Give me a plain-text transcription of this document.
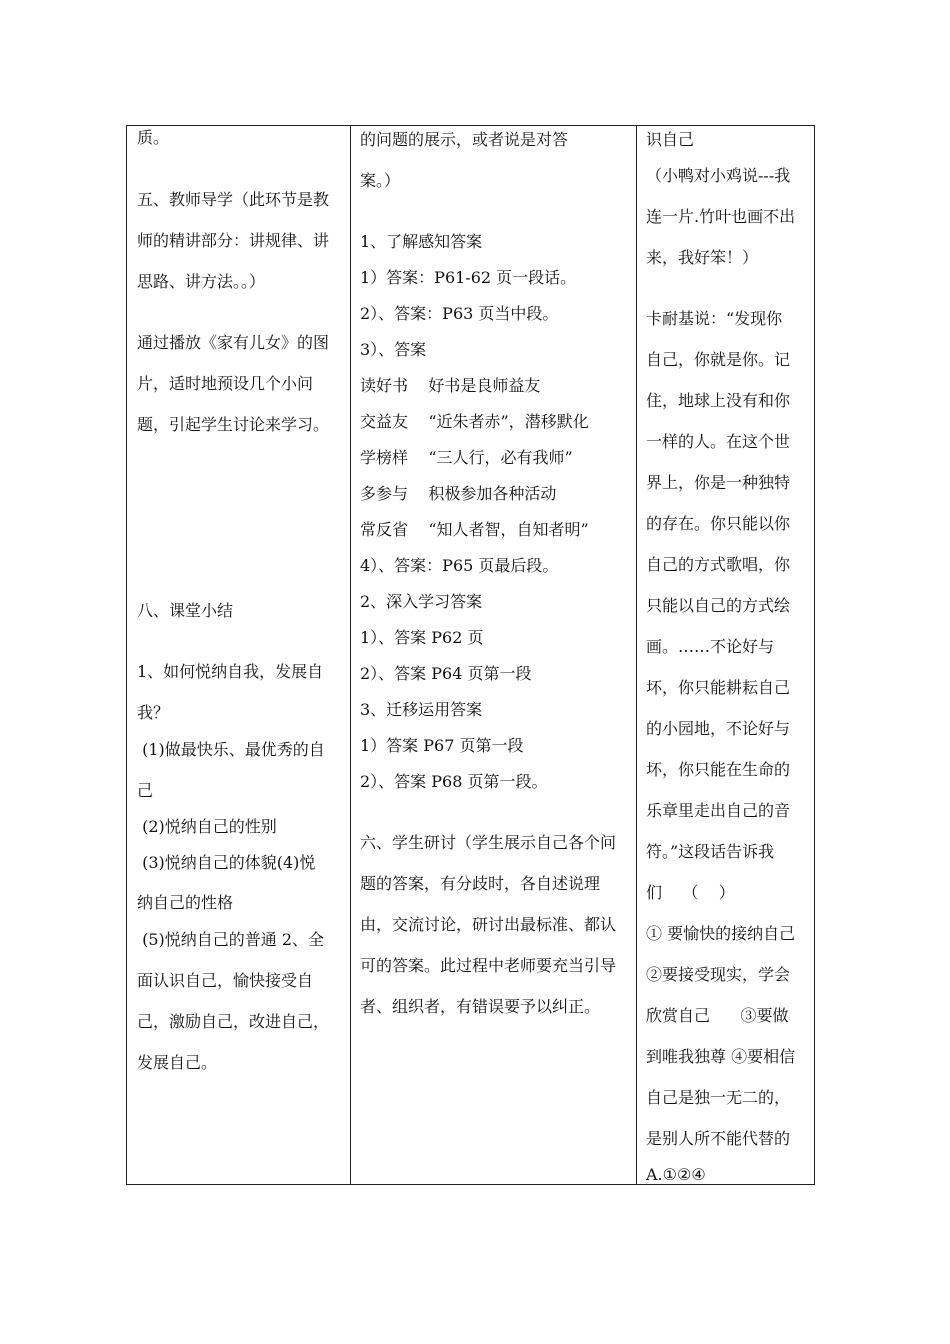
质。

五、教师导学（此环节是教

师的精讲部分：讲规律、讲

思路、讲方法。。）

通过播放《家有儿女》的图

片，适时地预设几个小问

题，引起学生讨论来学习。

八、课堂小结

1、如何悦纳自我，发展自

我？

(1)做最快乐、最优秀的自

己

(2)悦纳自己的性别

(3)悦纳自己的体貌(4)悦

纳自己的性格

(5)悦纳自己的普通 2、全

面认识自己，愉快接受自

己，激励自己，改进自己，

发展自己。

的问题的展示，或者说是对答

案。）

1、了解感知答案

1）答案：P61-62 页一段话。

2）、答案：P63 页当中段。

3）、答案

读好书    好书是良师益友

交益友    “近朱者赤”，潜移默化

学榜样    “三人行，必有我师”

多参与    积极参加各种活动

常反省    “知人者智，自知者明”

4）、答案：P65 页最后段。

2、深入学习答案

1）、答案 P62 页

2）、答案 P64 页第一段

3、迁移运用答案

1）答案 P67 页第一段

2）、答案 P68 页第一段。

六、学生研讨（学生展示自己各个问

题的答案，有分歧时，各自述说理

由，交流讨论，研讨出最标准、都认

可的答案。此过程中老师要充当引导

者、组织者，有错误要予以纠正。

识自己

（小鸭对小鸡说---我

连一片.竹叶也画不出

来，我好笨！）

卡耐基说：“发现你

自己，你就是你。记

住，地球上没有和你

一样的人。在这个世

界上，你是一种独特

的存在。你只能以你

自己的方式歌唱，你

只能以自己的方式绘

画。……不论好与

坏，你只能耕耘自己

的小园地，不论好与

坏，你只能在生命的

乐章里走出自己的音

符。”这段话告诉我

们    （    ）

① 要愉快的接纳自己

②要接受现实，学会

欣赏自己      ③要做

到唯我独尊 ④要相信

自己是独一无二的，

是别人所不能代替的

A.①②④
